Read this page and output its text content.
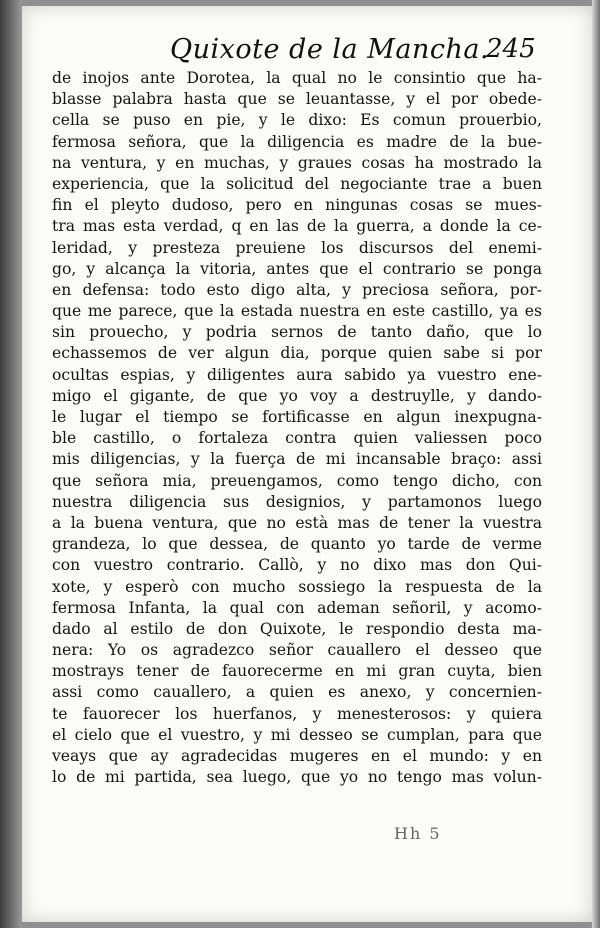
Quixote de la Mancha.
245
de inojos ante Dorotea, la qual no le consintio que ha-
blasse palabra hasta que se leuantasse, y el por obede-
cella se puso en pie, y le dixo: Es comun prouerbio,
fermosa señora, que la diligencia es madre de la bue-
na ventura, y en muchas, y graues cosas ha mostrado la
experiencia, que la solicitud del negociante trae a buen
fin el pleyto dudoso, pero en ningunas cosas se mues-
tra mas esta verdad, q en las de la guerra, a donde la ce-
leridad, y presteza preuiene los discursos del enemi-
go, y alcança la vitoria, antes que el contrario se ponga
en defensa: todo esto digo alta, y preciosa señora, por-
que me parece, que la estada nuestra en este castillo, ya es
sin prouecho, y podria sernos de tanto daño, que lo
echassemos de ver algun dia, porque quien sabe si por
ocultas espias, y diligentes aura sabido ya vuestro ene-
migo el gigante, de que yo voy a destruylle, y dando-
le lugar el tiempo se fortificasse en algun inexpugna-
ble castillo, o fortaleza contra quien valiessen poco
mis diligencias, y la fuerça de mi incansable braço: assi
que señora mia, preuengamos, como tengo dicho, con
nuestra diligencia sus designios, y partamonos luego
a la buena ventura, que no està mas de tener la vuestra
grandeza, lo que dessea, de quanto yo tarde de verme
con vuestro contrario. Callò, y no dixo mas don Qui-
xote, y esperò con mucho sossiego la respuesta de la
fermosa Infanta, la qual con ademan señoril, y acomo-
dado al estilo de don Quixote, le respondio desta ma-
nera: Yo os agradezco señor cauallero el desseo que
mostrays tener de fauorecerme en mi gran cuyta, bien
assi como cauallero, a quien es anexo, y concernien-
te fauorecer los huerfanos, y menesterosos: y quiera
el cielo que el vuestro, y mi desseo se cumplan, para que
veays que ay agradecidas mugeres en el mundo: y en
lo de mi partida, sea luego, que yo no tengo mas volun-
Hh 5
